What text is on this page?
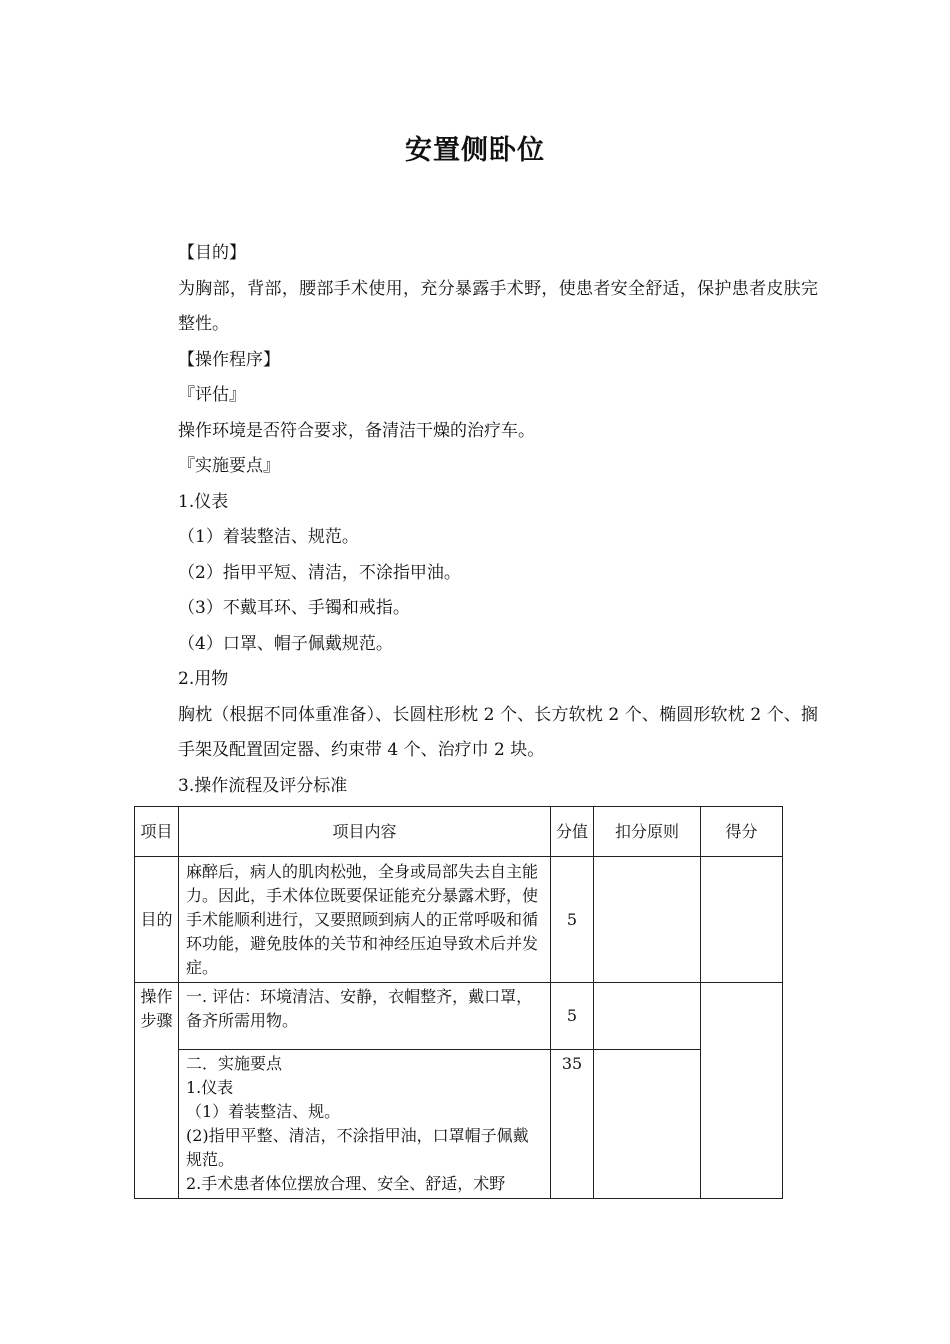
安置侧卧位
【目的】
为胸部，背部，腰部手术使用，充分暴露手术野，使患者安全舒适，保护患者皮肤完整性。
【操作程序】
『评估』
操作环境是否符合要求，备清洁干燥的治疗车。
『实施要点』
1.仪表
（1）着装整洁、规范。
（2）指甲平短、清洁，不涂指甲油。
（3）不戴耳环、手镯和戒指。
（4）口罩、帽子佩戴规范。
2.用物
胸枕（根据不同体重准备）、长圆柱形枕 2 个、长方软枕 2 个、椭圆形软枕 2 个、搁手架及配置固定器、约束带 4 个、治疗巾 2 块。
3.操作流程及评分标准
项目	项目内容	分值	扣分原则	得分
目的	麻醉后，病人的肌肉松弛，全身或局部失去自主能力。因此，手术体位既要保证能充分暴露术野，使手术能顺利进行，又要照顾到病人的正常呼吸和循环功能，避免肢体的关节和神经压迫导致术后并发症。	5		
操作步骤	一. 评估：环境清洁、安静，衣帽整齐，戴口罩，备齐所需用物。	5		

	二．实施要点
1.仪表
（1）着装整洁、规。
(2)指甲平整、清洁，不涂指甲油，口罩帽子佩戴规范。
2.手术患者体位摆放合理、安全、舒适，术野	35		
